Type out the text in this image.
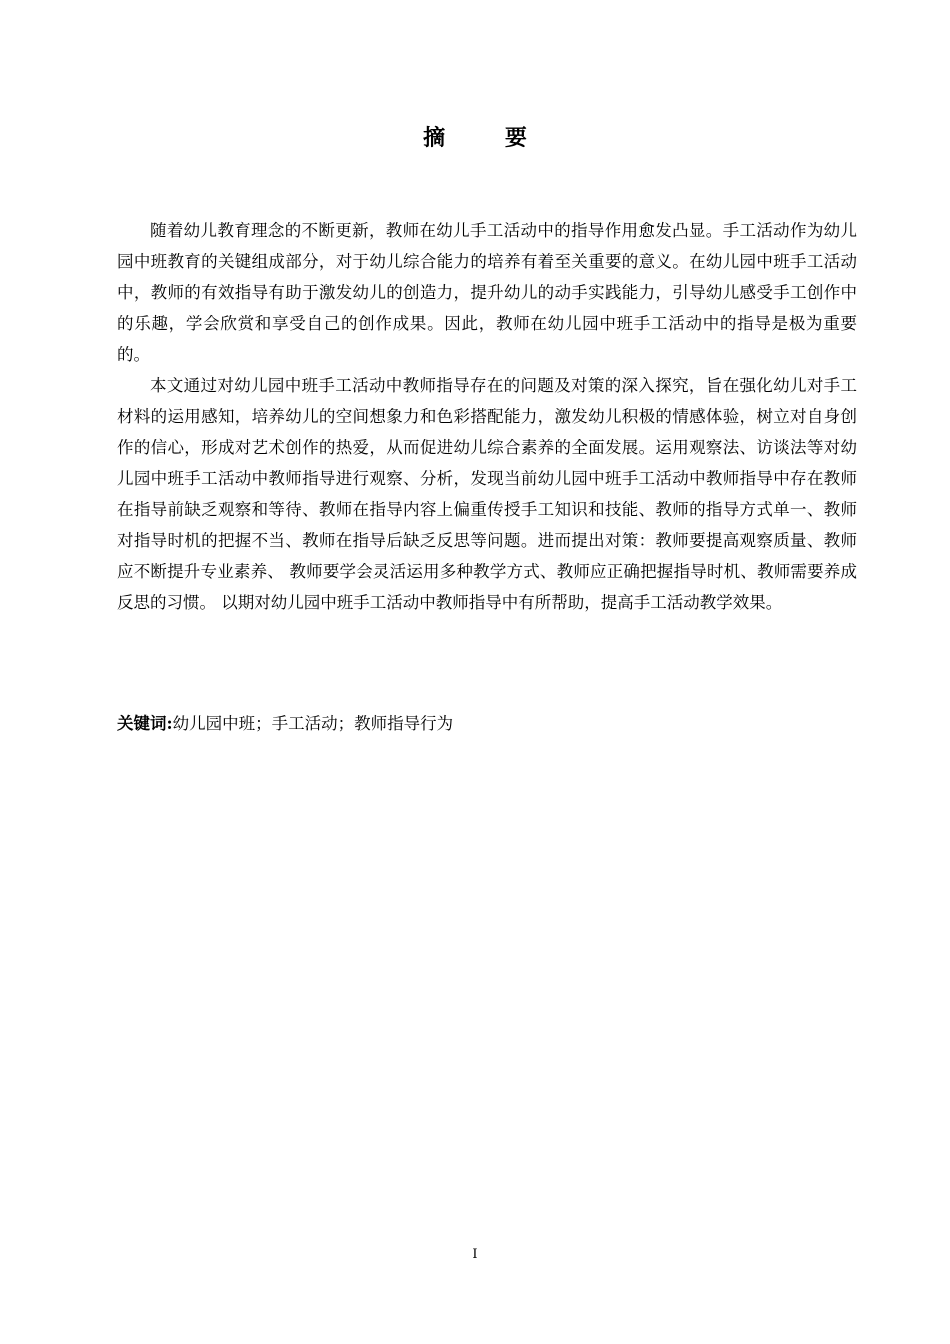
摘 要

随着幼儿教育理念的不断更新，教师在幼儿手工活动中的指导作用愈发凸显。手工活动作为幼儿园中班教育的关键组成部分，对于幼儿综合能力的培养有着至关重要的意义。在幼儿园中班手工活动中，教师的有效指导有助于激发幼儿的创造力，提升幼儿的动手实践能力，引导幼儿感受手工创作中的乐趣，学会欣赏和享受自己的创作成果。因此，教师在幼儿园中班手工活动中的指导是极为重要的。

本文通过对幼儿园中班手工活动中教师指导存在的问题及对策的深入探究，旨在强化幼儿对手工材料的运用感知，培养幼儿的空间想象力和色彩搭配能力，激发幼儿积极的情感体验，树立对自身创作的信心，形成对艺术创作的热爱，从而促进幼儿综合素养的全面发展。运用观察法、访谈法等对幼儿园中班手工活动中教师指导进行观察、分析，发现当前幼儿园中班手工活动中教师指导中存在教师在指导前缺乏观察和等待、教师在指导内容上偏重传授手工知识和技能、教师的指导方式单一、教师对指导时机的把握不当、教师在指导后缺乏反思等问题。进而提出对策：教师要提高观察质量、教师应不断提升专业素养、 教师要学会灵活运用多种教学方式、教师应正确把握指导时机、教师需要养成反思的习惯。 以期对幼儿园中班手工活动中教师指导中有所帮助，提高手工活动教学效果。

关键词:幼儿园中班；手工活动；教师指导行为
I
